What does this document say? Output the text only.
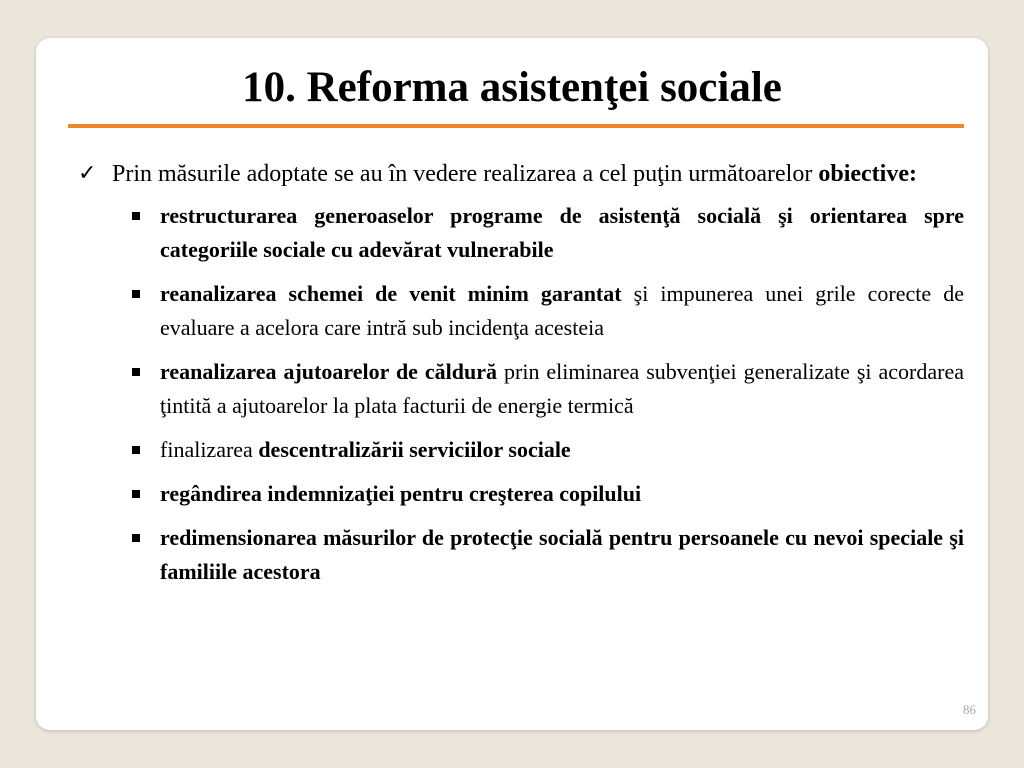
10. Reforma asistenţei sociale
✓ Prin măsurile adoptate se au în vedere realizarea a cel puţin următoarelor obiective:
restructurarea generoaselor programe de asistenţă socială şi orientarea spre categoriile sociale cu adevărat vulnerabile
reanalizarea schemei de venit minim garantat şi impunerea unei grile corecte de evaluare a acelora care intră sub incidenţa acesteia
reanalizarea ajutoarelor de căldură prin eliminarea subvenţiei generalizate şi acordarea ţintită a ajutoarelor la plata facturii de energie termică
finalizarea descentralizării serviciilor sociale
regândirea indemnizaţiei pentru creşterea copilului
redimensionarea măsurilor de protecţie socială pentru persoanele cu nevoi speciale şi familiile acestora
86
